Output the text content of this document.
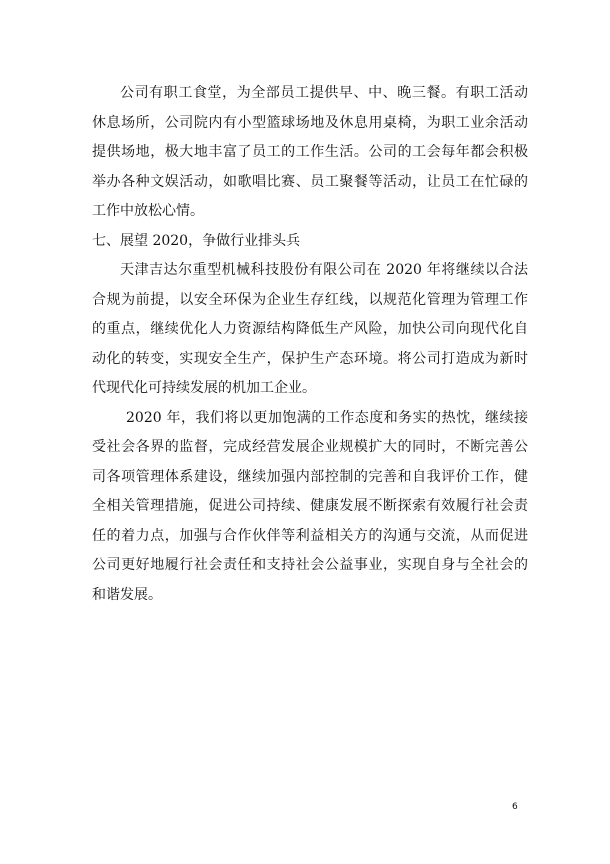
公司有职工食堂，为全部员工提供早、中、晚三餐。有职工活动
休息场所，公司院内有小型篮球场地及休息用桌椅，为职工业余活动
提供场地，极大地丰富了员工的工作生活。公司的工会每年都会积极
举办各种文娱活动，如歌唱比赛、员工聚餐等活动，让员工在忙碌的
工作中放松心情。
七、展望 2020，争做行业排头兵
天津吉达尔重型机械科技股份有限公司在 2020 年将继续以合法
合规为前提，以安全环保为企业生存红线，以规范化管理为管理工作
的重点，继续优化人力资源结构降低生产风险，加快公司向现代化自
动化的转变，实现安全生产，保护生产态环境。将公司打造成为新时
代现代化可持续发展的机加工企业。
2020 年，我们将以更加饱满的工作态度和务实的热忱，继续接
受社会各界的监督，完成经营发展企业规模扩大的同时，不断完善公
司各项管理体系建设，继续加强内部控制的完善和自我评价工作，健
全相关管理措施，促进公司持续、健康发展不断探索有效履行社会责
任的着力点，加强与合作伙伴等利益相关方的沟通与交流，从而促进
公司更好地履行社会责任和支持社会公益事业，实现自身与全社会的
和谐发展。
6
